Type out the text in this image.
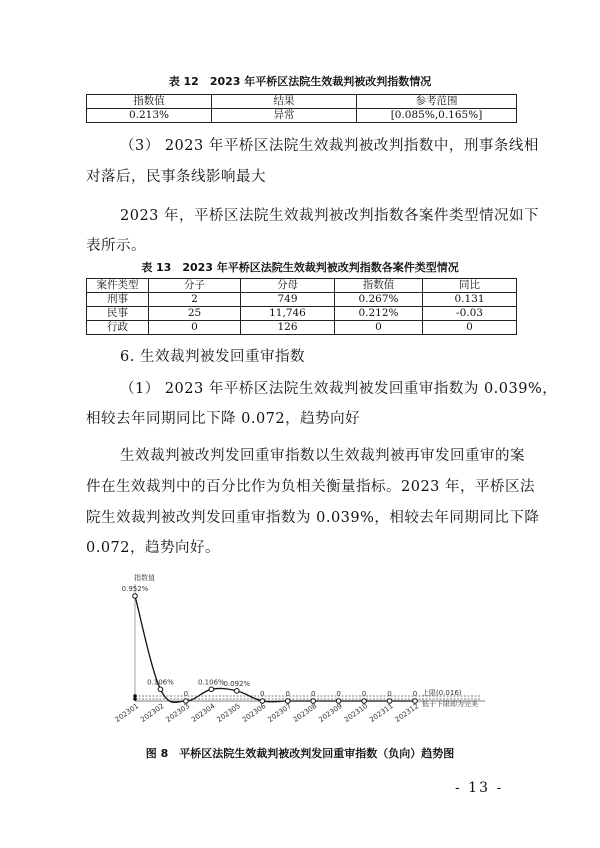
表 12　2023 年平桥区法院生效裁判被改判指数情况
指数值	结果	参考范围
0.213%	异常	[0.085%,0.165%]
（3） 2023 年平桥区法院生效裁判被改判指数中，刑事条线相
对落后，民事条线影响最大
2023 年，平桥区法院生效裁判被改判指数各案件类型情况如下
表所示。
表 13　2023 年平桥区法院生效裁判被改判指数各案件类型情况
案件类型	分子	分母	指数值	同比
刑事	2	749	0.267%	0.131
民事	25	11,746	0.212%	-0.03
行政	0	126	0	0
6. 生效裁判被发回重审指数
（1） 2023 年平桥区法院生效裁判被发回重审指数为 0.039%，
相较去年同期同比下降 0.072，趋势向好
生效裁判被改判发回重审指数以生效裁判被再审发回重审的案
件在生效裁判中的百分比作为负相关衡量指标。2023 年，平桥区法
院生效裁判被改判发回重审指数为 0.039%，相较去年同期同比下降
0.072，趋势向好。
指数值
上限(0.016)
低于下限即为完美
0.952%
202301
0.106%
202302
0
202303
0.106%
202304
0.092%
202305
0
202306
0
202307
0
202308
0
202309
0
202310
0
202311
0
202312
图 8　平桥区法院生效裁判被改判发回重审指数（负向）趋势图
- 13 -
